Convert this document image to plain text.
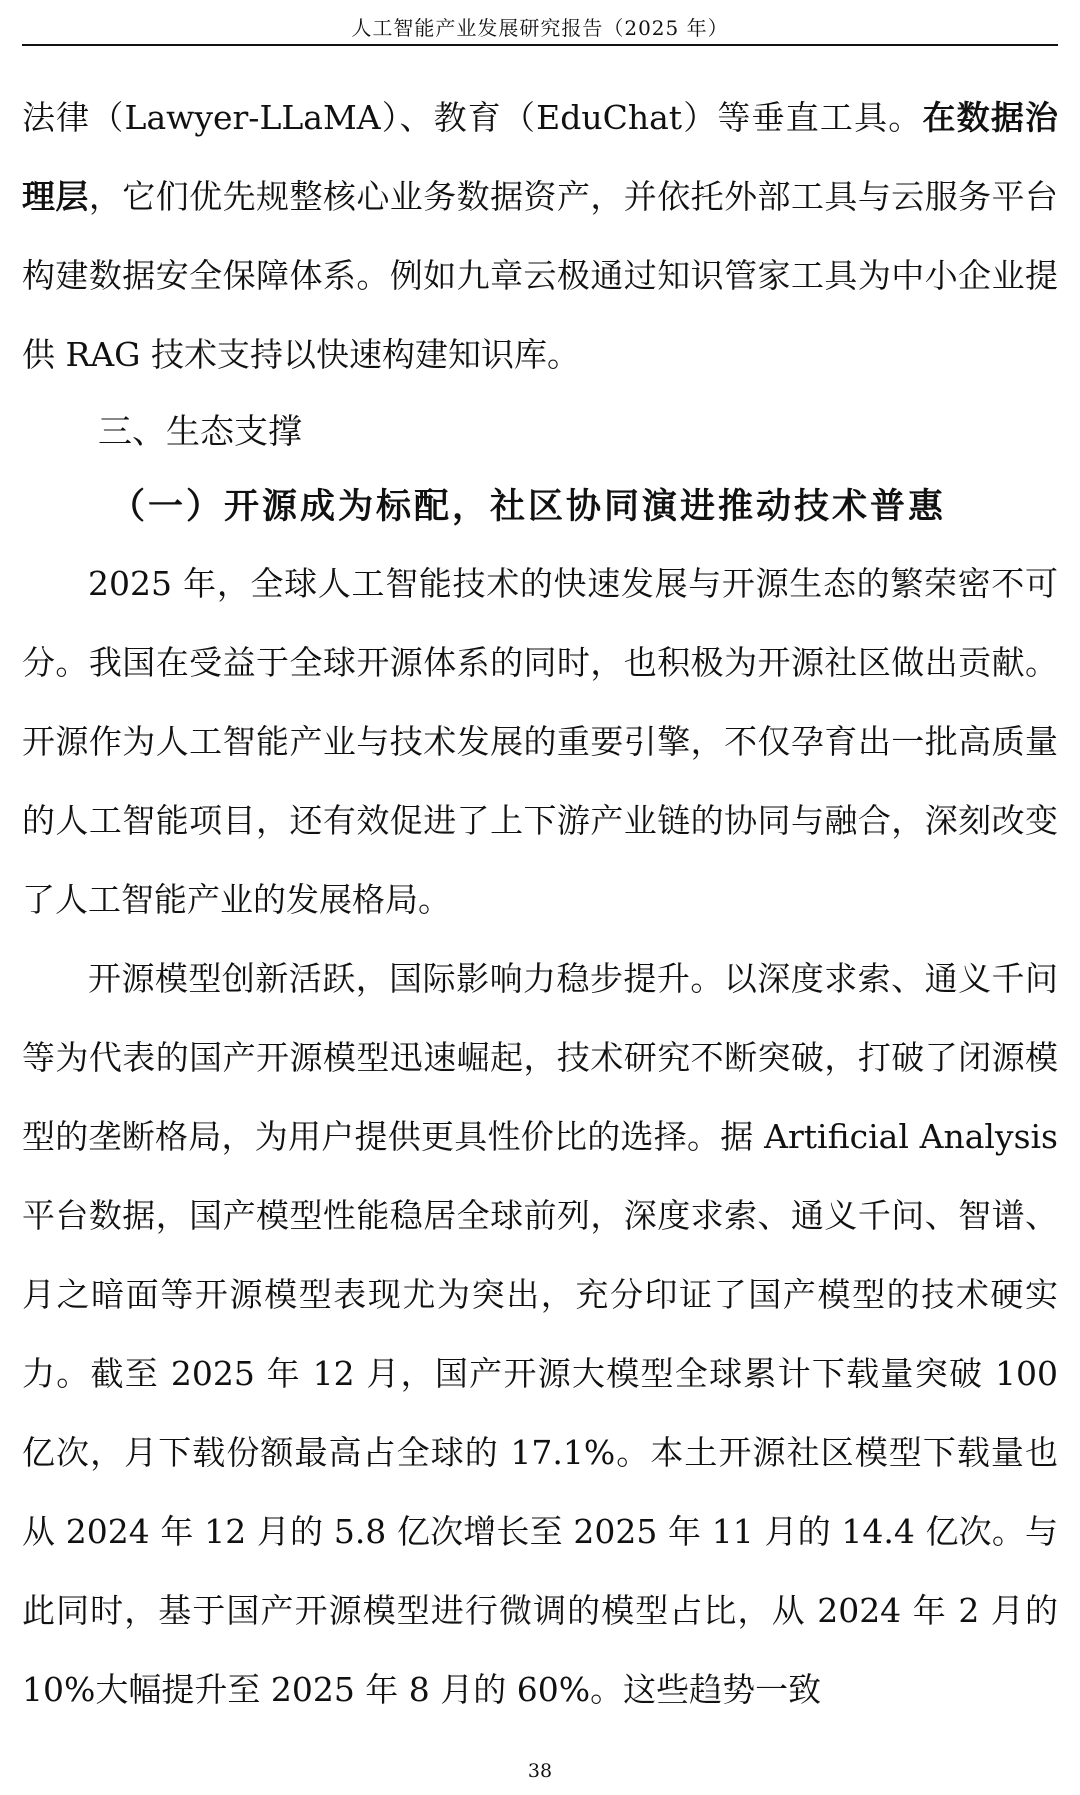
人工智能产业发展研究报告（2025 年）

法律（Lawyer-LLaMA）、教育（EduChat）等垂直工具。在数据治理层，它们优先规整核心业务数据资产，并依托外部工具与云服务平台构建数据安全保障体系。例如九章云极通过知识管家工具为中小企业提供 RAG 技术支持以快速构建知识库。

三、生态支撑
（一）开源成为标配，社区协同演进推动技术普惠

2025 年，全球人工智能技术的快速发展与开源生态的繁荣密不可分。我国在受益于全球开源体系的同时，也积极为开源社区做出贡献。开源作为人工智能产业与技术发展的重要引擎，不仅孕育出一批高质量的人工智能项目，还有效促进了上下游产业链的协同与融合，深刻改变了人工智能产业的发展格局。

开源模型创新活跃，国际影响力稳步提升。以深度求索、通义千问等为代表的国产开源模型迅速崛起，技术研究不断突破，打破了闭源模型的垄断格局，为用户提供更具性价比的选择。据 Artificial Analysis 平台数据，国产模型性能稳居全球前列，深度求索、通义千问、智谱、月之暗面等开源模型表现尤为突出，充分印证了国产模型的技术硬实力。截至 2025 年 12 月，国产开源大模型全球累计下载量突破 100 亿次，月下载份额最高占全球的 17.1%。本土开源社区模型下载量也从 2024 年 12 月的 5.8 亿次增长至 2025 年 11 月的 14.4 亿次。与此同时，基于国产开源模型进行微调的模型占比，从 2024 年 2 月的 10%大幅提升至 2025 年 8 月的 60%。这些趋势一致

38
